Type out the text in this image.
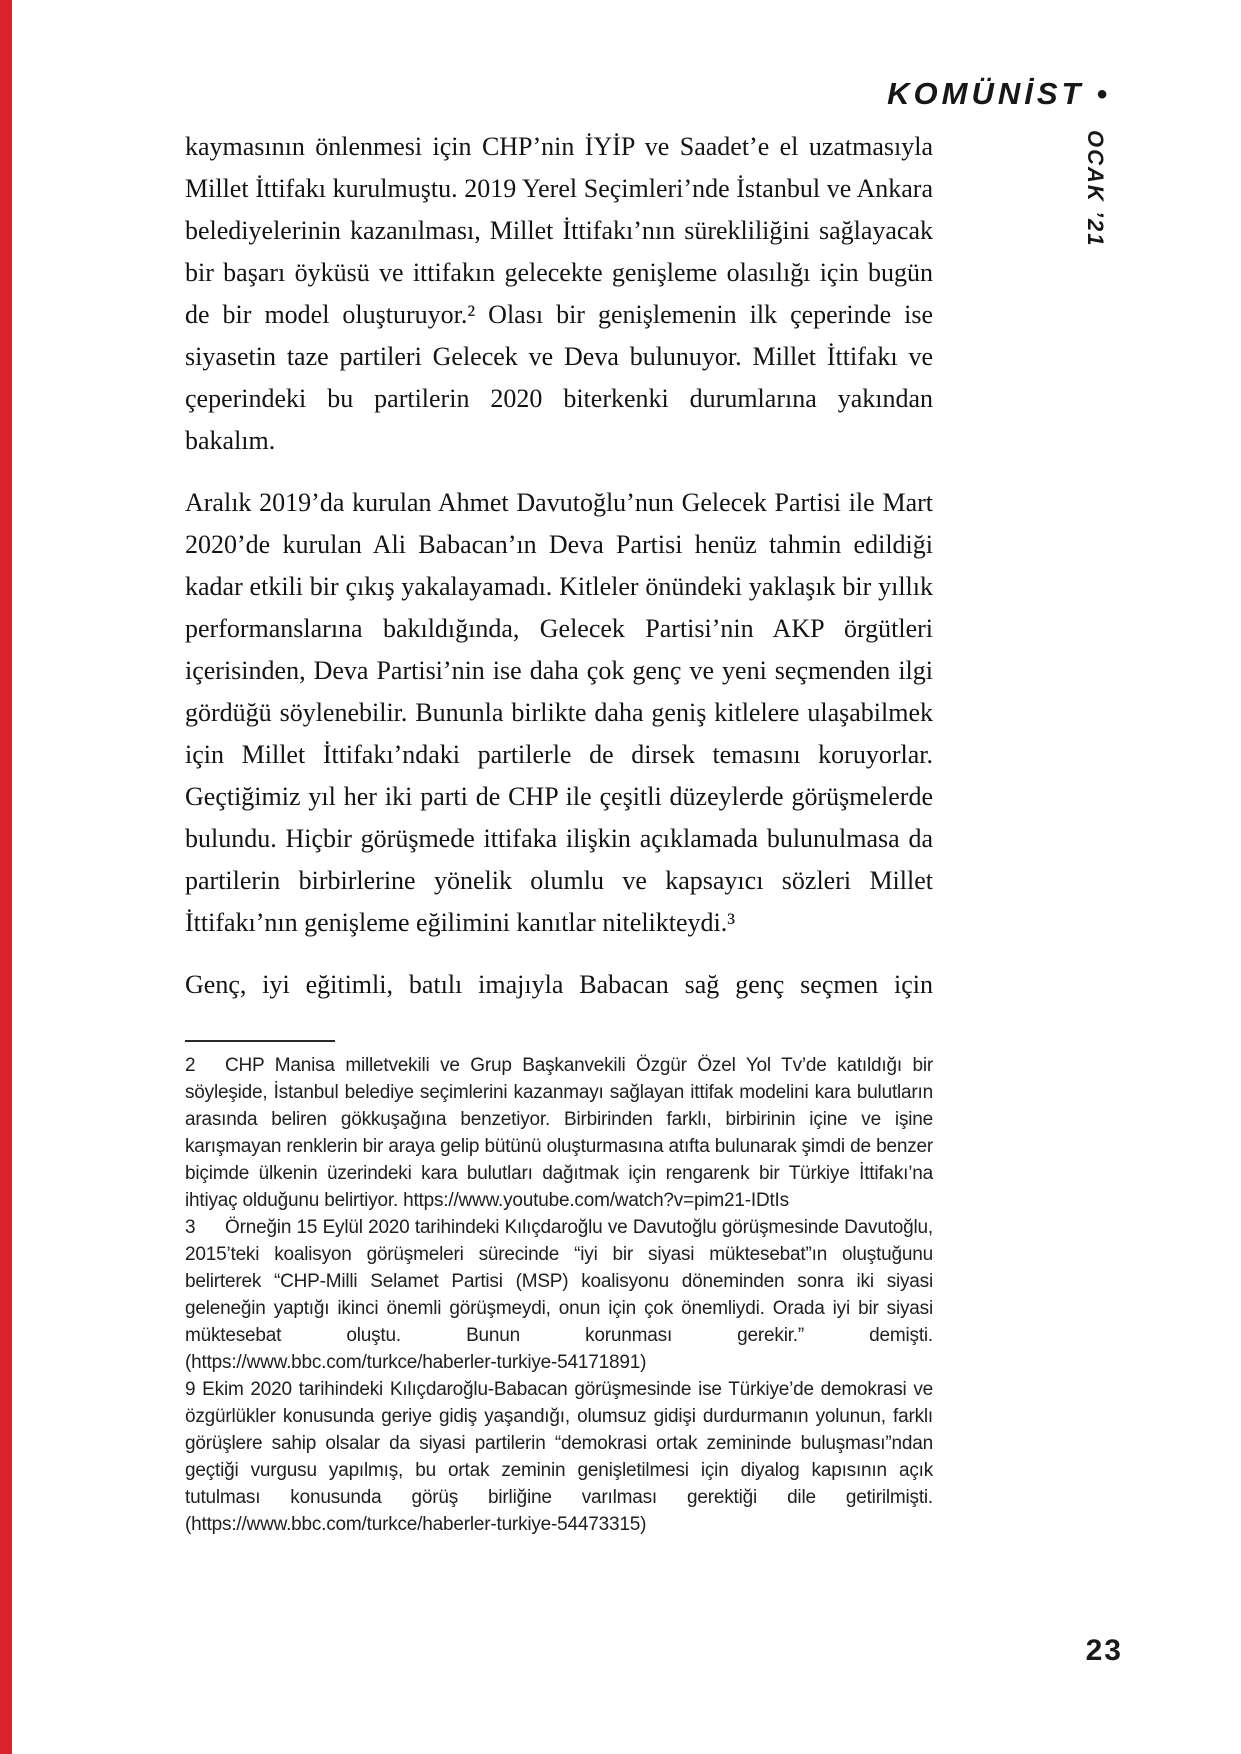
KOMÜNİST •
OCAK ’21

kaymasının önlenmesi için CHP’nin İYİP ve Saadet’e el uzatmasıyla Millet İttifakı kurulmuştu. 2019 Yerel Seçimleri’nde İstanbul ve Ankara belediyelerinin kazanılması, Millet İttifakı’nın sürekliliğini sağlayacak bir başarı öyküsü ve ittifakın gelecekte genişleme olasılığı için bugün de bir model oluşturuyor.² Olası bir genişlemenin ilk çeperinde ise siyasetin taze partileri Gelecek ve Deva bulunuyor. Millet İttifakı ve çeperindeki bu partilerin 2020 biterkenki durumlarına yakından bakalım.

Aralık 2019’da kurulan Ahmet Davutoğlu’nun Gelecek Partisi ile Mart 2020’de kurulan Ali Babacan’ın Deva Partisi henüz tahmin edildiği kadar etkili bir çıkış yakalayamadı. Kitleler önündeki yaklaşık bir yıllık performanslarına bakıldığında, Gelecek Partisi’nin AKP örgütleri içerisinden, Deva Partisi’nin ise daha çok genç ve yeni seçmenden ilgi gördüğü söylenebilir. Bununla birlikte daha geniş kitlelere ulaşabilmek için Millet İttifakı’ndaki partilerle de dirsek temasını koruyorlar. Geçtiğimiz yıl her iki parti de CHP ile çeşitli düzeylerde görüşmelerde bulundu. Hiçbir görüşmede ittifaka ilişkin açıklamada bulunulmasa da partilerin birbirlerine yönelik olumlu ve kapsayıcı sözleri Millet İttifakı’nın genişleme eğilimini kanıtlar nitelikteydi.³

Genç, iyi eğitimli, batılı imajıyla Babacan sağ genç seçmen için

2 CHP Manisa milletvekili ve Grup Başkanvekili Özgür Özel Yol Tv’de katıldığı bir söyleşide, İstanbul belediye seçimlerini kazanmayı sağlayan ittifak modelini kara bulutların arasında beliren gökkuşağına benzetiyor. Birbirinden farklı, birbirinin içine ve işine karışmayan renklerin bir araya gelip bütünü oluşturmasına atıfta bulunarak şimdi de benzer biçimde ülkenin üzerindeki kara bulutları dağıtmak için rengarenk bir Türkiye İttifakı’na ihtiyaç olduğunu belirtiyor. https://www.youtube.com/watch?v=pim21-IDtIs

3 Örneğin 15 Eylül 2020 tarihindeki Kılıçdaroğlu ve Davutoğlu görüşmesinde Davutoğlu, 2015’teki koalisyon görüşmeleri sürecinde “iyi bir siyasi müktesebat”ın oluştuğunu belirterek “CHP-Milli Selamet Partisi (MSP) koalisyonu döneminden sonra iki siyasi geleneğin yaptığı ikinci önemli görüşmeydi, onun için çok önemliydi. Orada iyi bir siyasi müktesebat oluştu. Bunun korunması gerekir.” demişti. (https://www.bbc.com/turkce/haberler-turkiye-54171891)

9 Ekim 2020 tarihindeki Kılıçdaroğlu-Babacan görüşmesinde ise Türkiye’de demokrasi ve özgürlükler konusunda geriye gidiş yaşandığı, olumsuz gidişi durdurmanın yolunun, farklı görüşlere sahip olsalar da siyasi partilerin “demokrasi ortak zemininde buluşması”ndan geçtiği vurgusu yapılmış, bu ortak zeminin genişletilmesi için diyalog kapısının açık tutulması konusunda görüş birliğine varılması gerektiği dile getirilmişti. (https://www.bbc.com/turkce/haberler-turkiye-54473315)

23
